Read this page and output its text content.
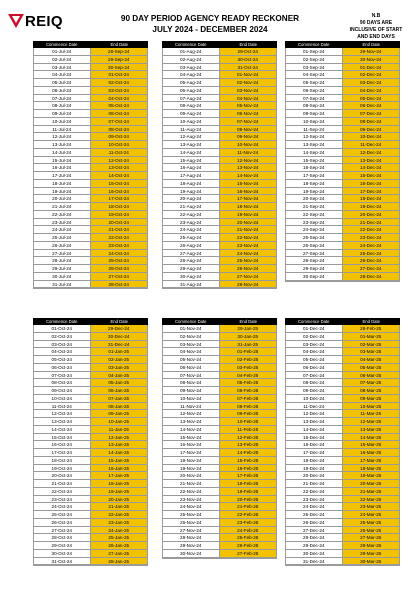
REIQ	90 DAY PERIOD AGENCY READY RECKONER
JULY 2024 - DECEMBER 2024
N.B
90 DAYS ARE
INCLUSIVE OF START
AND END DAYS
Commence Date	End Date
01-Jul-24	28-Sep-24
02-Jul-24	29-Sep-24
03-Jul-24	30-Sep-24
04-Jul-24	01-Oct-24
05-Jul-24	02-Oct-24
06-Jul-24	03-Oct-24
07-Jul-24	04-Oct-24
08-Jul-24	05-Oct-24
09-Jul-24	06-Oct-24
10-Jul-24	07-Oct-24
11-Jul-24	08-Oct-24
12-Jul-24	09-Oct-24
13-Jul-24	10-Oct-24
14-Jul-24	11-Oct-24
15-Jul-24	12-Oct-24
16-Jul-24	13-Oct-24
17-Jul-24	14-Oct-24
18-Jul-24	15-Oct-24
19-Jul-24	16-Oct-24
20-Jul-24	17-Oct-24
21-Jul-24	18-Oct-24
22-Jul-24	19-Oct-24
23-Jul-24	20-Oct-24
24-Jul-24	21-Oct-24
25-Jul-24	22-Oct-24
26-Jul-24	23-Oct-24
27-Jul-24	24-Oct-24
28-Jul-24	25-Oct-24
29-Jul-24	26-Oct-24
30-Jul-24	27-Oct-24
31-Jul-24	28-Oct-24
Commence Date	End Date
01-Aug-24	29-Oct-24
02-Aug-24	30-Oct-24
03-Aug-24	31-Oct-24
04-Aug-24	01-Nov-24
05-Aug-24	02-Nov-24
06-Aug-24	03-Nov-24
07-Aug-24	04-Nov-24
08-Aug-24	05-Nov-24
09-Aug-24	06-Nov-24
10-Aug-24	07-Nov-24
11-Aug-24	08-Nov-24
12-Aug-24	09-Nov-24
13-Aug-24	10-Nov-24
14-Aug-24	11-Nov-24
15-Aug-24	12-Nov-24
16-Aug-24	13-Nov-24
17-Aug-24	14-Nov-24
18-Aug-24	15-Nov-24
19-Aug-24	16-Nov-24
20-Aug-24	17-Nov-24
21-Aug-24	18-Nov-24
22-Aug-24	19-Nov-24
23-Aug-24	20-Nov-24
24-Aug-24	21-Nov-24
25-Aug-24	22-Nov-24
26-Aug-24	23-Nov-24
27-Aug-24	24-Nov-24
28-Aug-24	25-Nov-24
29-Aug-24	26-Nov-24
30-Aug-24	27-Nov-24
31-Aug-24	28-Nov-24
Commence Date	End Date
01-Sep-24	29-Nov-24
02-Sep-24	30-Nov-24
03-Sep-24	01-Dec-24
04-Sep-24	02-Dec-24
05-Sep-24	03-Dec-24
06-Sep-24	04-Dec-24
07-Sep-24	05-Dec-24
08-Sep-24	06-Dec-24
09-Sep-24	07-Dec-24
10-Sep-24	08-Dec-24
11-Sep-24	09-Dec-24
12-Sep-24	10-Dec-24
13-Sep-24	11-Dec-24
14-Sep-24	12-Dec-24
15-Sep-24	13-Dec-24
16-Sep-24	14-Dec-24
17-Sep-24	15-Dec-24
18-Sep-24	16-Dec-24
19-Sep-24	17-Dec-24
20-Sep-24	18-Dec-24
21-Sep-24	19-Dec-24
22-Sep-24	20-Dec-24
23-Sep-24	21-Dec-24
24-Sep-24	22-Dec-24
25-Sep-24	23-Dec-24
26-Sep-24	24-Dec-24
27-Sep-24	25-Dec-24
28-Sep-24	26-Dec-24
29-Sep-24	27-Dec-24
30-Sep-24	28-Dec-24
Commence Date	End Date
01-Oct-24	29-Dec-24
02-Oct-24	30-Dec-24
03-Oct-24	31-Dec-24
04-Oct-24	01-Jan-25
05-Oct-24	02-Jan-25
06-Oct-24	03-Jan-25
07-Oct-24	04-Jan-25
08-Oct-24	05-Jan-25
09-Oct-24	06-Jan-25
10-Oct-24	07-Jan-25
11-Oct-24	08-Jan-25
12-Oct-24	09-Jan-25
13-Oct-24	10-Jan-25
14-Oct-24	11-Jan-25
15-Oct-24	12-Jan-25
16-Oct-24	13-Jan-25
17-Oct-24	14-Jan-25
18-Oct-24	15-Jan-25
19-Oct-24	16-Jan-25
20-Oct-24	17-Jan-25
21-Oct-24	18-Jan-25
22-Oct-24	19-Jan-25
23-Oct-24	20-Jan-25
24-Oct-24	21-Jan-25
25-Oct-24	22-Jan-25
26-Oct-24	23-Jan-25
27-Oct-24	24-Jan-25
28-Oct-24	25-Jan-25
29-Oct-24	26-Jan-25
30-Oct-24	27-Jan-25
31-Oct-24	28-Jan-25
Commence Date	End Date
01-Nov-24	29-Jan-25
02-Nov-24	30-Jan-25
03-Nov-24	31-Jan-25
04-Nov-24	01-Feb-25
05-Nov-24	02-Feb-25
06-Nov-24	03-Feb-25
07-Nov-24	04-Feb-25
08-Nov-24	05-Feb-25
09-Nov-24	06-Feb-25
10-Nov-24	07-Feb-25
11-Nov-24	08-Feb-25
12-Nov-24	09-Feb-25
13-Nov-24	10-Feb-25
14-Nov-24	11-Feb-25
15-Nov-24	12-Feb-25
16-Nov-24	13-Feb-25
17-Nov-24	14-Feb-25
18-Nov-24	15-Feb-25
19-Nov-24	16-Feb-25
20-Nov-24	17-Feb-25
21-Nov-24	18-Feb-25
22-Nov-24	19-Feb-25
23-Nov-24	20-Feb-25
24-Nov-24	21-Feb-25
25-Nov-24	22-Feb-25
26-Nov-24	23-Feb-25
27-Nov-24	24-Feb-25
28-Nov-24	25-Feb-25
29-Nov-24	26-Feb-25
30-Nov-24	27-Feb-25
Commence Date	End Date
01-Dec-24	28-Feb-25
02-Dec-24	01-Mar-25
03-Dec-24	02-Mar-25
04-Dec-24	03-Mar-25
05-Dec-24	04-Mar-25
06-Dec-24	05-Mar-25
07-Dec-24	06-Mar-25
08-Dec-24	07-Mar-25
09-Dec-24	08-Mar-25
10-Dec-24	09-Mar-25
11-Dec-24	10-Mar-25
12-Dec-24	11-Mar-25
13-Dec-24	12-Mar-25
14-Dec-24	13-Mar-25
15-Dec-24	14-Mar-25
16-Dec-24	15-Mar-25
17-Dec-24	16-Mar-25
18-Dec-24	17-Mar-25
19-Dec-24	18-Mar-25
20-Dec-24	19-Mar-25
21-Dec-24	20-Mar-25
22-Dec-24	21-Mar-25
23-Dec-24	22-Mar-25
24-Dec-24	23-Mar-25
25-Dec-24	24-Mar-25
26-Dec-24	25-Mar-25
27-Dec-24	26-Mar-25
28-Dec-24	27-Mar-25
29-Dec-24	28-Mar-25
30-Dec-24	29-Mar-25
31-Dec-24	30-Mar-25
